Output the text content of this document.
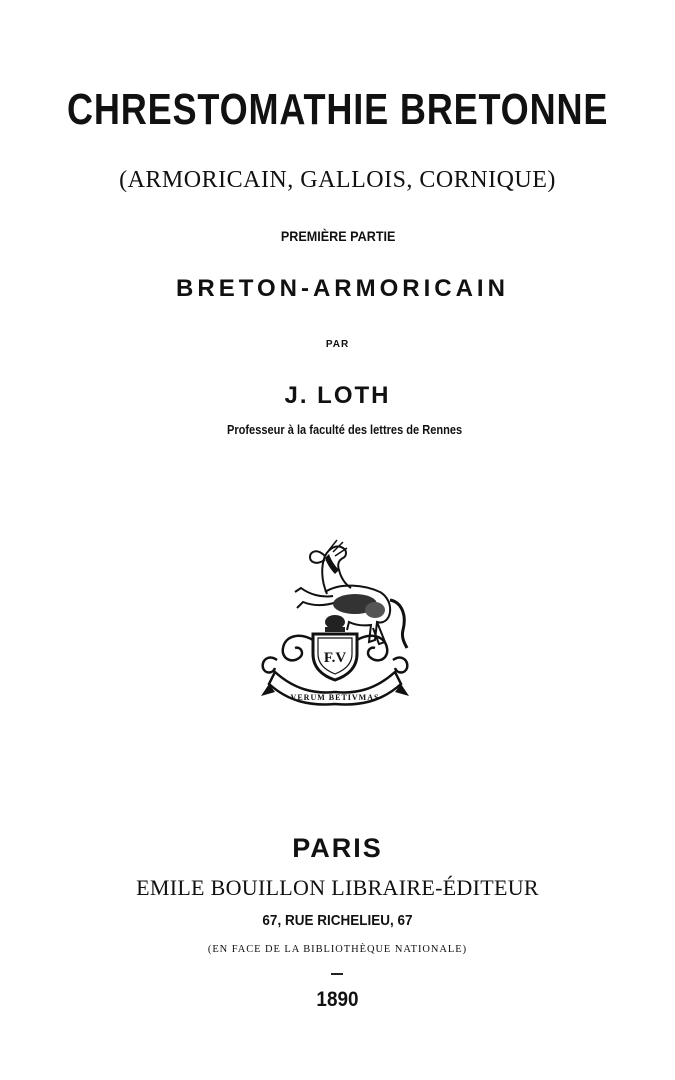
CHRESTOMATHIE BRETONNE
(ARMORICAIN, GALLOIS, CORNIQUE)
PREMIÈRE PARTIE
BRETON-ARMORICAIN
PAR
J. LOTH
Professeur à la faculté des lettres de Rennes
F.V
VERUM BETIVMAS
PARIS
EMILE BOUILLON LIBRAIRE-ÉDITEUR
67, RUE RICHELIEU, 67
(EN FACE DE LA BIBLIOTHÈQUE NATIONALE)
1890
